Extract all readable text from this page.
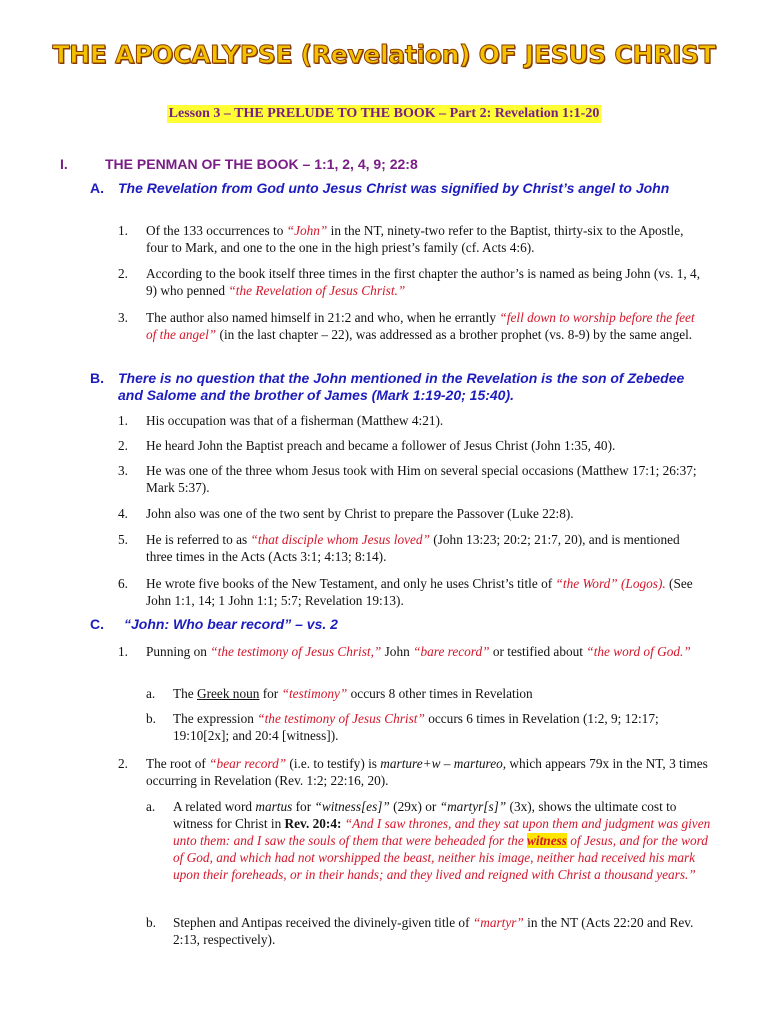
THE APOCALYPSE (Revelation) OF JESUS CHRIST
Lesson 3 – THE PRELUDE TO THE BOOK – Part 2: Revelation 1:1-20
I.	THE PENMAN OF THE BOOK – 1:1, 2, 4, 9; 22:8
A. The Revelation from God unto Jesus Christ was signified by Christ’s angel to John
1. Of the 133 occurrences to “John” in the NT, ninety-two refer to the Baptist, thirty-six to the Apostle, four to Mark, and one to the one in the high priest’s family (cf. Acts 4:6).
2. According to the book itself three times in the first chapter the author’s is named as being John (vs. 1, 4, 9) who penned “the Revelation of Jesus Christ.”
3. The author also named himself in 21:2 and who, when he errantly “fell down to worship before the feet of the angel” (in the last chapter – 22), was addressed as a brother prophet (vs. 8-9) by the same angel.
B. There is no question that the John mentioned in the Revelation is the son of Zebedee and Salome and the brother of James (Mark 1:19-20; 15:40).
1. His occupation was that of a fisherman (Matthew 4:21).
2. He heard John the Baptist preach and became a follower of Jesus Christ (John 1:35, 40).
3. He was one of the three whom Jesus took with Him on several special occasions (Matthew 17:1; 26:37; Mark 5:37).
4. John also was one of the two sent by Christ to prepare the Passover (Luke 22:8).
5. He is referred to as “that disciple whom Jesus loved” (John 13:23; 20:2; 21:7, 20), and is mentioned three times in the Acts (Acts 3:1; 4:13; 8:14).
6. He wrote five books of the New Testament, and only he uses Christ’s title of “the Word” (Logos). (See John 1:1, 14; 1 John 1:1; 5:7; Revelation 19:13).
C. “John: Who bear record” – vs. 2
1. Punning on “the testimony of Jesus Christ,” John “bare record” or testified about “the word of God.”
a. The Greek noun for “testimony” occurs 8 other times in Revelation
b. The expression “the testimony of Jesus Christ” occurs 6 times in Revelation (1:2, 9; 12:17; 19:10[2x]; and 20:4 [witness]).
2. The root of “bear record” (i.e. to testify) is marture+w – martureo, which appears 79x in the NT, 3 times occurring in Revelation (Rev. 1:2; 22:16, 20).
a. A related word martus for “witness[es]” (29x) or “martyr[s]” (3x), shows the ultimate cost to witness for Christ in Rev. 20:4: “And I saw thrones, and they sat upon them and judgment was given unto them: and I saw the souls of them that were beheaded for the witness of Jesus, and for the word of God, and which had not worshipped the beast, neither his image, neither had received his mark upon their foreheads, or in their hands; and they lived and reigned with Christ a thousand years.”
b. Stephen and Antipas received the divinely-given title of “martyr” in the NT (Acts 22:20 and Rev. 2:13, respectively).
